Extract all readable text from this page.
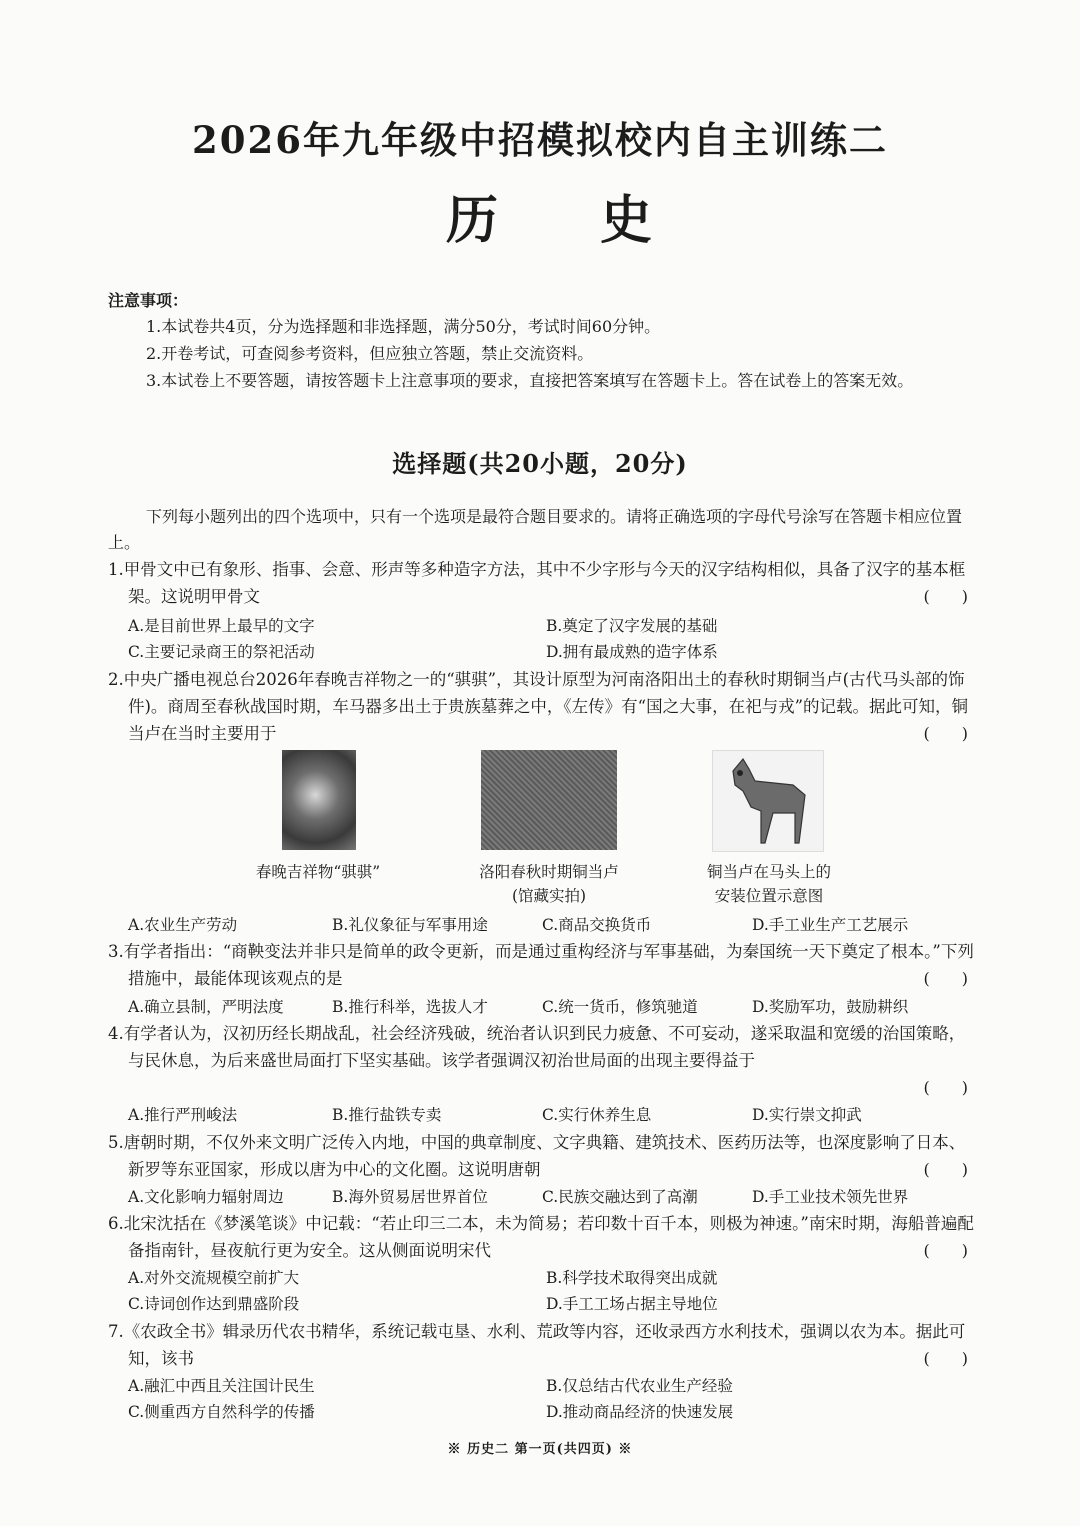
2026年九年级中招模拟校内自主训练二
历 史
注意事项：
1.本试卷共4页，分为选择题和非选择题，满分50分，考试时间60分钟。
2.开卷考试，可查阅参考资料，但应独立答题，禁止交流资料。
3.本试卷上不要答题，请按答题卡上注意事项的要求，直接把答案填写在答题卡上。答在试卷上的答案无效。
选择题(共20小题，20分)
下列每小题列出的四个选项中，只有一个选项是最符合题目要求的。请将正确选项的字母代号涂写在答题卡相应位置上。
1.甲骨文中已有象形、指事、会意、形声等多种造字方法，其中不少字形与今天的汉字结构相似，具备了汉字的基本框架。这说明甲骨文	(　　)
A.是目前世界上最早的文字	B.奠定了汉字发展的基础
C.主要记录商王的祭祀活动	D.拥有最成熟的造字体系
2.中央广播电视总台2026年春晚吉祥物之一的“骐骐”，其设计原型为河南洛阳出土的春秋时期铜当卢(古代马头部的饰件)。商周至春秋战国时期，车马器多出土于贵族墓葬之中，《左传》有“国之大事，在祀与戎”的记载。据此可知，铜当卢在当时主要用于	(　　)
春晚吉祥物“骐骐”	洛阳春秋时期铜当卢
(馆藏实拍)
铜当卢在马头上的
安装位置示意图
A.农业生产劳动	B.礼仪象征与军事用途	C.商品交换货币	D.手工业生产工艺展示
3.有学者指出：“商鞅变法并非只是简单的政令更新，而是通过重构经济与军事基础，为秦国统一天下奠定了根本。”下列措施中，最能体现该观点的是	(　　)
A.确立县制，严明法度	B.推行科举，选拔人才	C.统一货币，修筑驰道	D.奖励军功，鼓励耕织
4.有学者认为，汉初历经长期战乱，社会经济残破，统治者认识到民力疲惫、不可妄动，遂采取温和宽缓的治国策略，与民休息，为后来盛世局面打下坚实基础。该学者强调汉初治世局面的出现主要得益于
(　　)
A.推行严刑峻法	B.推行盐铁专卖	C.实行休养生息	D.实行崇文抑武
5.唐朝时期，不仅外来文明广泛传入内地，中国的典章制度、文字典籍、建筑技术、医药历法等，也深度影响了日本、新罗等东亚国家，形成以唐为中心的文化圈。这说明唐朝	(　　)
A.文化影响力辐射周边	B.海外贸易居世界首位	C.民族交融达到了高潮	D.手工业技术领先世界
6.北宋沈括在《梦溪笔谈》中记载：“若止印三二本，未为简易；若印数十百千本，则极为神速。”南宋时期，海船普遍配备指南针，昼夜航行更为安全。这从侧面说明宋代	(　　)
A.对外交流规模空前扩大	B.科学技术取得突出成就
C.诗词创作达到鼎盛阶段	D.手工工场占据主导地位
7.《农政全书》辑录历代农书精华，系统记载屯垦、水利、荒政等内容，还收录西方水利技术，强调以农为本。据此可知，该书	(　　)
A.融汇中西且关注国计民生	B.仅总结古代农业生产经验
C.侧重西方自然科学的传播	D.推动商品经济的快速发展
※ 历史二 第一页(共四页) ※
